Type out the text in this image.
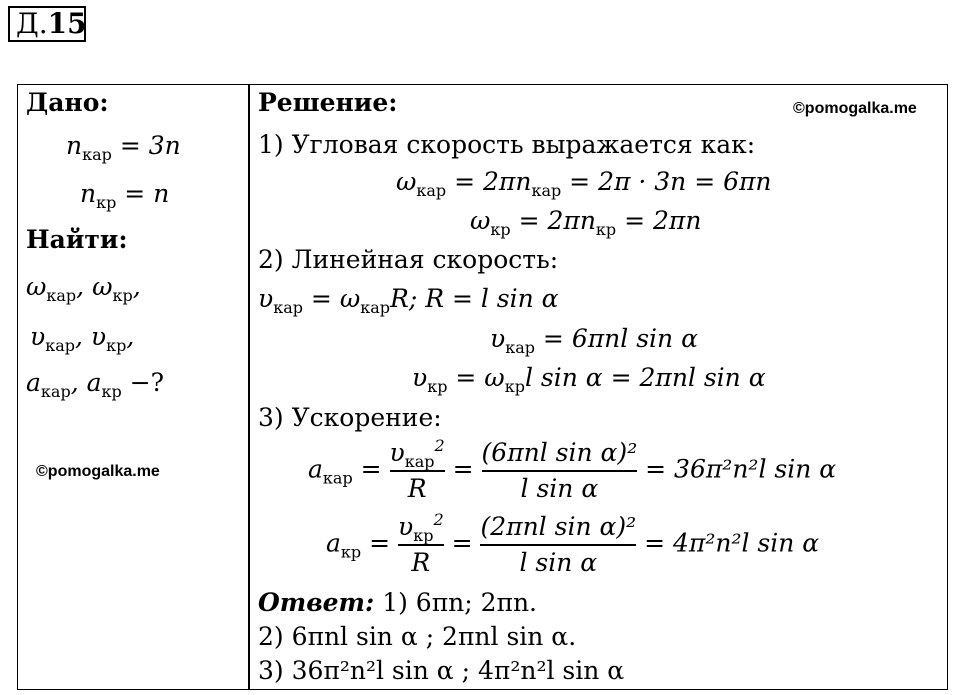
Д.15
Дано:
$n_{кар} = 3n$
$n_{кр} = n$
Найти:
$\omega_{кар}$, $\omega_{кр}$,
$\upsilon_{кар}$, $\upsilon_{кр}$,
$a_{кар}$, $a_{кр}$ −?
©pomogalka.me
Решение:	©pomogalka.me
1) Угловая скорость выражается как:
$\omega_{кар} = 2\pi n_{кар} = 2\pi \cdot 3n = 6\pi n$
$\omega_{кр} = 2\pi n_{кр} = 2\pi n$
2) Линейная скорость:
$\upsilon_{кар} = \omega_{кар}R$; R = l sin α
$\upsilon_{кар} = 6\pi nl$ sin α
$\upsilon_{кр} = \omega_{кр}l$ sin α = 2πnl sin α
3) Ускорение:
$a_{кар} = \frac{\upsilon_{кар}^2}{R} = \frac{\text{(6πnl sin α)²}}{\text{l sin α}} = 36\pi^2n^2l$ sin α
$a_{кр} = \frac{\upsilon_{кр}^2}{R} = \frac{\text{(2πnl sin α)²}}{\text{l sin α}} = 4\pi^2n^2l$ sin α
Ответ: 1) 6πn; 2πn.
2) 6πnl sin α ; 2πnl sin α.
3) 36π²n²l sin α ; 4π²n²l sin α
